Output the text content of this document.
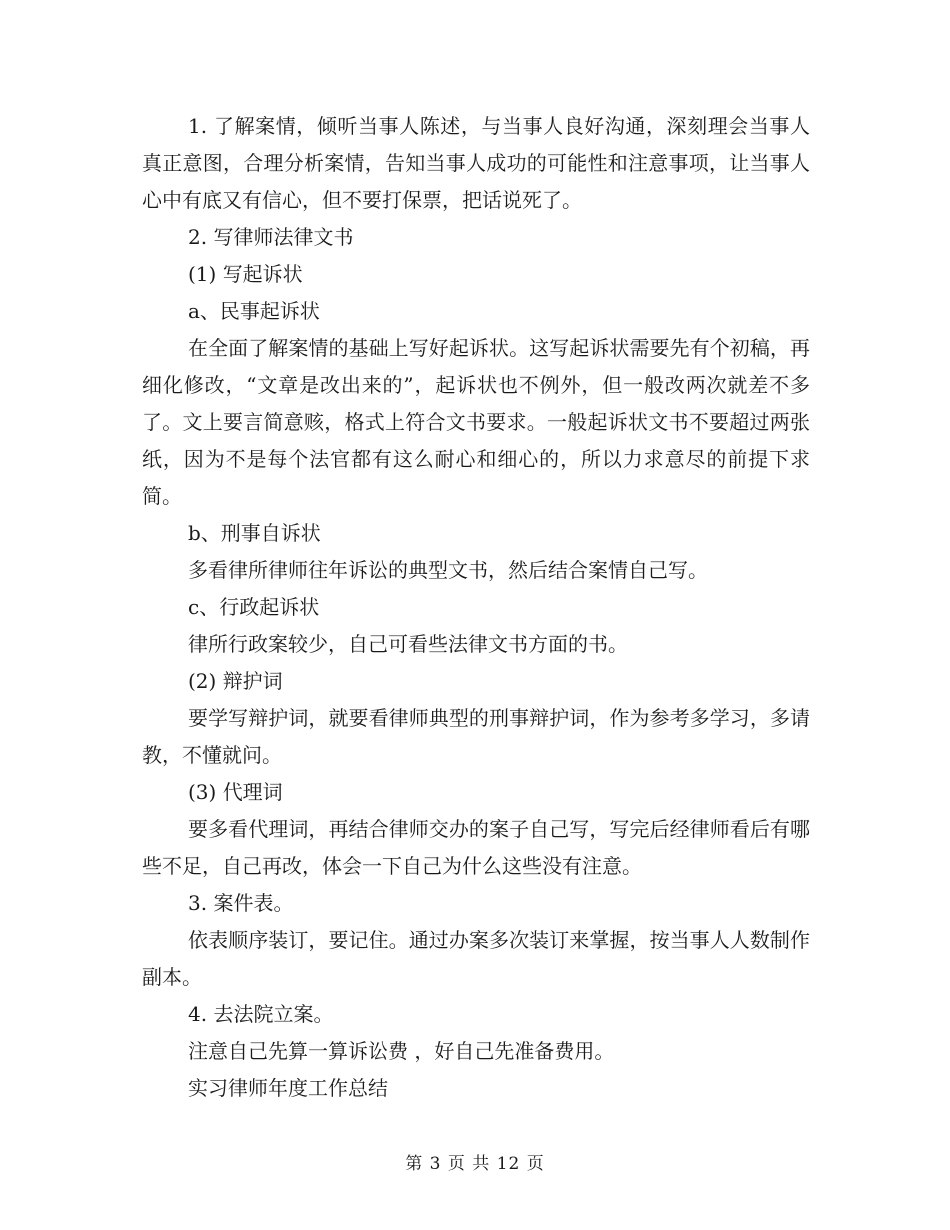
1. 了解案情，倾听当事人陈述，与当事人良好沟通，深刻理会当事人真正意图，合理分析案情，告知当事人成功的可能性和注意事项，让当事人心中有底又有信心，但不要打保票，把话说死了。

2. 写律师法律文书

(1) 写起诉状

a、民事起诉状

在全面了解案情的基础上写好起诉状。这写起诉状需要先有个初稿，再细化修改，“文章是改出来的”，起诉状也不例外，但一般改两次就差不多了。文上要言简意赅，格式上符合文书要求。一般起诉状文书不要超过两张纸，因为不是每个法官都有这么耐心和细心的，所以力求意尽的前提下求简。

b、刑事自诉状

多看律所律师往年诉讼的典型文书，然后结合案情自己写。

c、行政起诉状

律所行政案较少，自己可看些法律文书方面的书。

(2) 辩护词

要学写辩护词，就要看律师典型的刑事辩护词，作为参考多学习，多请教，不懂就问。

(3) 代理词

要多看代理词，再结合律师交办的案子自己写，写完后经律师看后有哪些不足，自己再改，体会一下自己为什么这些没有注意。

3. 案件表。

依表顺序装订，要记住。通过办案多次装订来掌握，按当事人人数制作副本。

4. 去法院立案。

注意自己先算一算诉讼费 ，好自己先准备费用。

实习律师年度工作总结

第 3 页 共 12 页
